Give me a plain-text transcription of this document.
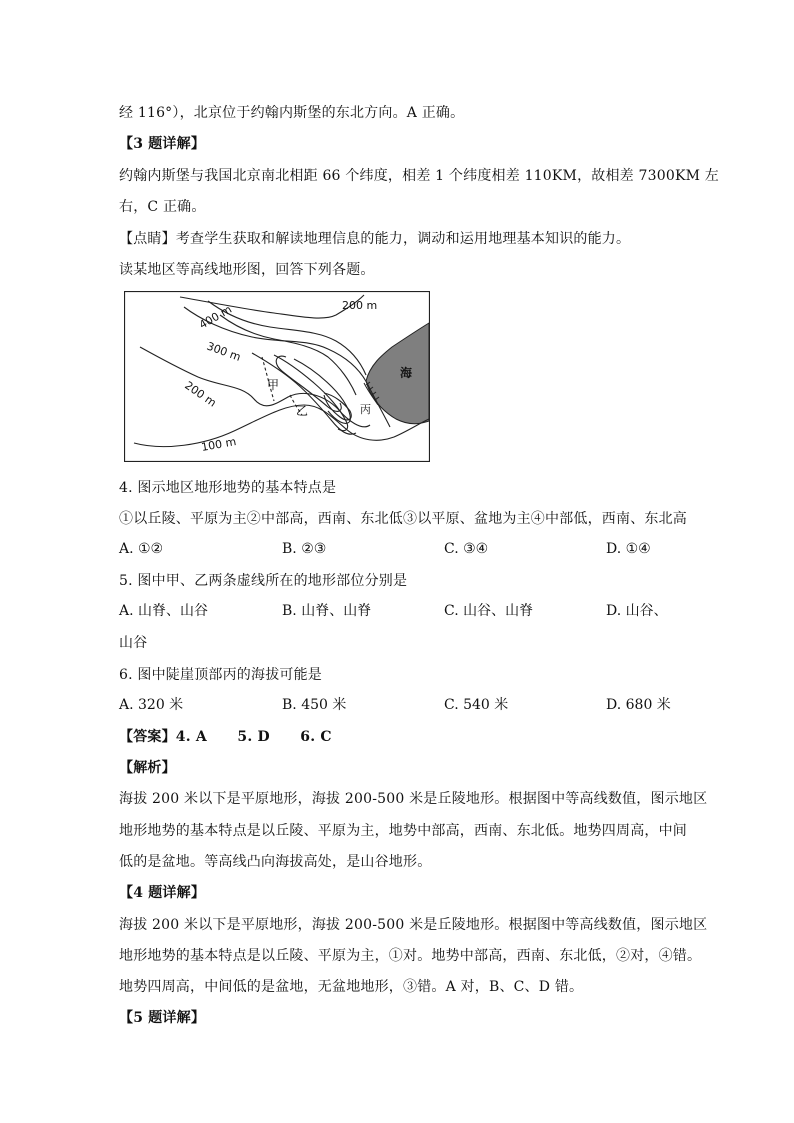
经 116°），北京位于约翰内斯堡的东北方向。A 正确。
【3 题详解】
约翰内斯堡与我国北京南北相距 66 个纬度，相差 1 个纬度相差 110KM，故相差 7300KM 左
右，C 正确。
【点睛】考查学生获取和解读地理信息的能力，调动和运用地理基本知识的能力。
读某地区等高线地形图，回答下列各题。
200 m
400 m
300 m
200 m
100 m
甲
乙	丙
海
4. 图示地区地形地势的基本特点是
①以丘陵、平原为主②中部高，西南、东北低③以平原、盆地为主④中部低，西南、东北高
A. ①②	B. ②③	C. ③④	D. ①④
5. 图中甲、乙两条虚线所在的地形部位分别是
A. 山脊、山谷	B. 山脊、山脊	C. 山谷、山脊	D. 山谷、
山谷
6. 图中陡崖顶部丙的海拔可能是
A. 320 米	B. 450 米	C. 540 米	D. 680 米
【答案】4. A      5. D      6. C
【解析】
海拔 200 米以下是平原地形，海拔 200-500 米是丘陵地形。根据图中等高线数值，图示地区
地形地势的基本特点是以丘陵、平原为主，地势中部高，西南、东北低。地势四周高，中间
低的是盆地。等高线凸向海拔高处，是山谷地形。
【4 题详解】
海拔 200 米以下是平原地形，海拔 200-500 米是丘陵地形。根据图中等高线数值，图示地区
地形地势的基本特点是以丘陵、平原为主，①对。地势中部高，西南、东北低，②对，④错。
地势四周高，中间低的是盆地，无盆地地形，③错。A 对，B、C、D 错。
【5 题详解】
